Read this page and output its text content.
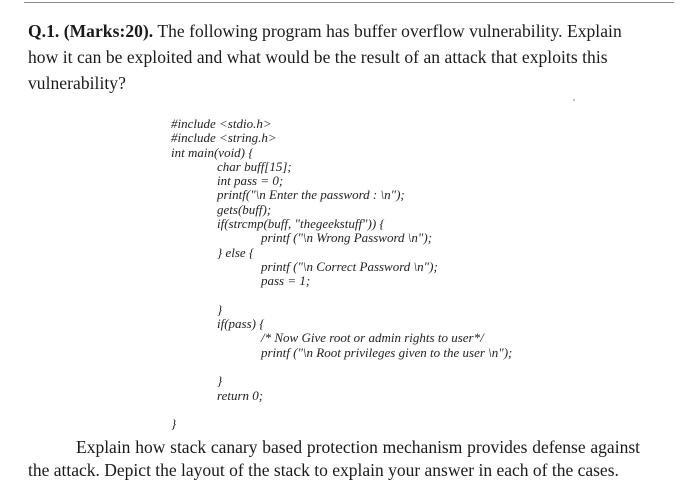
Q.1. (Marks:20). The following program has buffer overflow vulnerability. Explain how it can be exploited and what would be the result of an attack that exploits this vulnerability?
#include <stdio.h>
#include <string.h>
int main(void) {
char buff[15];
int pass = 0;
printf("\n Enter the password : \n");
gets(buff);
if(strcmp(buff, "thegeekstuff")) {
printf ("\n Wrong Password \n");
} else {
printf ("\n Correct Password \n");
pass = 1;
}
if(pass) {
/* Now Give root or admin rights to user*/
printf ("\n Root privileges given to the user \n");
}
return 0;
}
Explain how stack canary based protection mechanism provides defense against the attack. Depict the layout of the stack to explain your answer in each of the cases.
